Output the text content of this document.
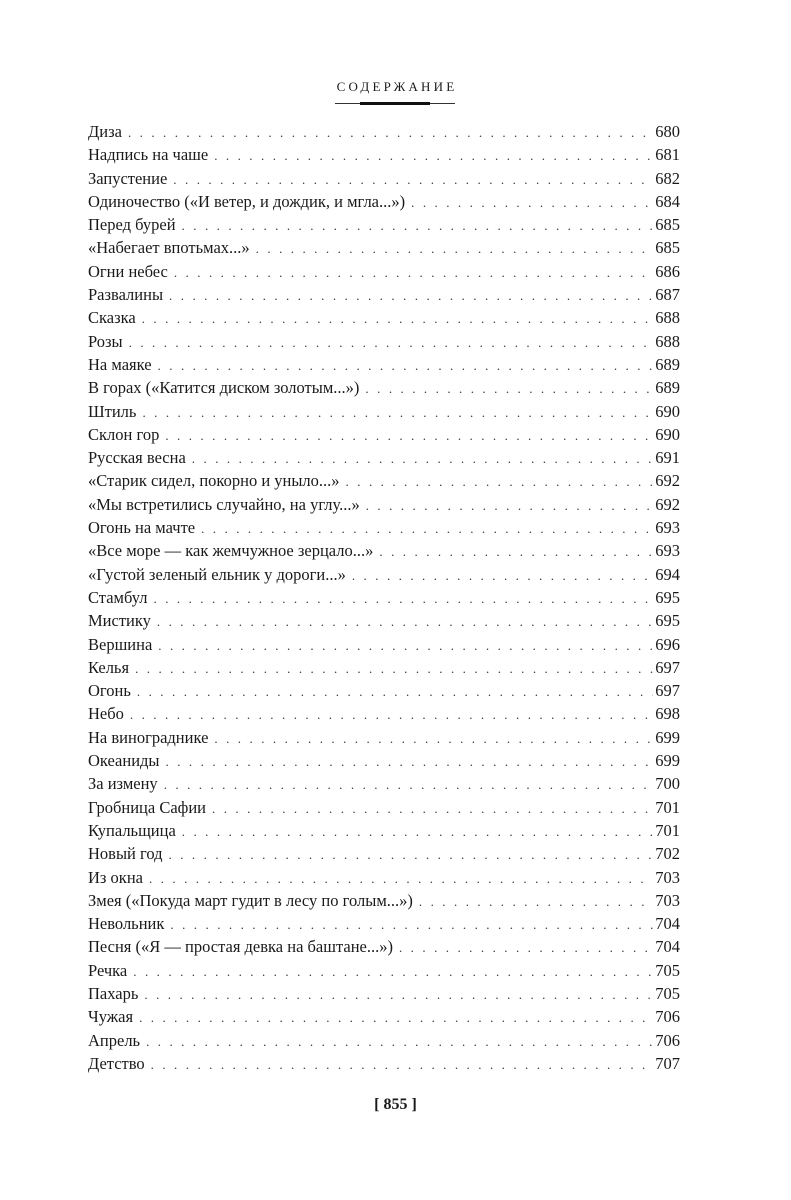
СОДЕРЖАНИЕ
Диза . . .	680
Надпись на чаше . . .	681
Запустение . . .	682
Одиночество («И ветер, и дождик, и мгла...») . . .	684
Перед бурей . . .	685
«Набегает впотьмах...» . . .	685
Огни небес . . .	686
Развалины . . .	687
Сказка . . .	688
Розы . . .	688
На маяке . . .	689
В горах («Катится диском золотым...») . . .	689
Штиль . . .	690
Склон гор . . .	690
Русская весна . . .	691
«Старик сидел, покорно и уныло...» . . .	692
«Мы встретились случайно, на углу...» . . .	692
Огонь на мачте . . .	693
«Все море — как жемчужное зерцало...» . . .	693
«Густой зеленый ельник у дороги...» . . .	694
Стамбул . . .	695
Мистику . . .	695
Вершина . . .	696
Келья . . .	697
Огонь . . .	697
Небо . . .	698
На винограднике . . .	699
Океаниды . . .	699
За измену . . .	700
Гробница Сафии . . .	701
Купальщица . . .	701
Новый год . . .	702
Из окна . . .	703
Змея («Покуда март гудит в лесу по голым...») . . .	703
Невольник . . .	704
Песня («Я — простая девка на баштане...») . . .	704
Речка . . .	705
Пахарь . . .	705
Чужая . . .	706
Апрель . . .	706
Детство . . .	707
[ 855 ]
